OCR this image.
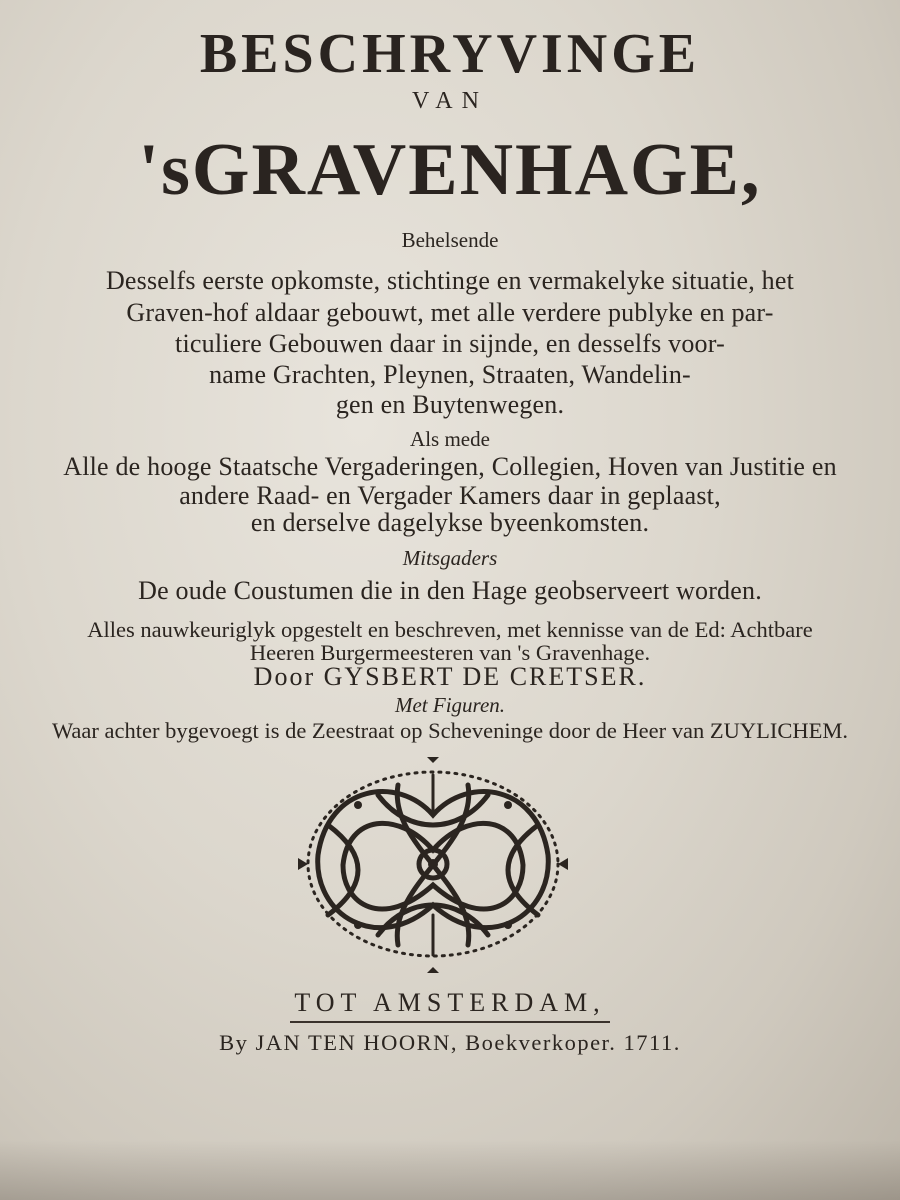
BESCHRYVINGE
VAN
'sGRAVENHAGE,
Behelsende
Desselfs eerste opkomste, stichtinge en vermakelyke situatie, het
Graven-hof aldaar gebouwt, met alle verdere publyke en par-
ticuliere Gebouwen daar in sijnde, en desselfs voor-
name Grachten, Pleynen, Straaten, Wandelin-
gen en Buytenwegen.
Als mede
Alle de hooge Staatsche Vergaderingen, Collegien, Hoven van Justitie en
andere Raad- en Vergader Kamers daar in geplaast,
en derselve dagelykse byeenkomsten.
Mitsgaders
De oude Coustumen die in den Hage geobserveert worden.
Alles nauwkeuriglyk opgestelt en beschreven, met kennisse van de Ed: Achtbare
Heeren Burgermeesteren van 's Gravenhage.
Door GYSBERT DE CRETSER.
Met Figuren.
Waar achter bygevoegt is de Zeestraat op Scheveninge door de Heer van ZUYLICHEM.
TOT AMSTERDAM,
By JAN TEN HOORN, Boekverkoper. 1711.
